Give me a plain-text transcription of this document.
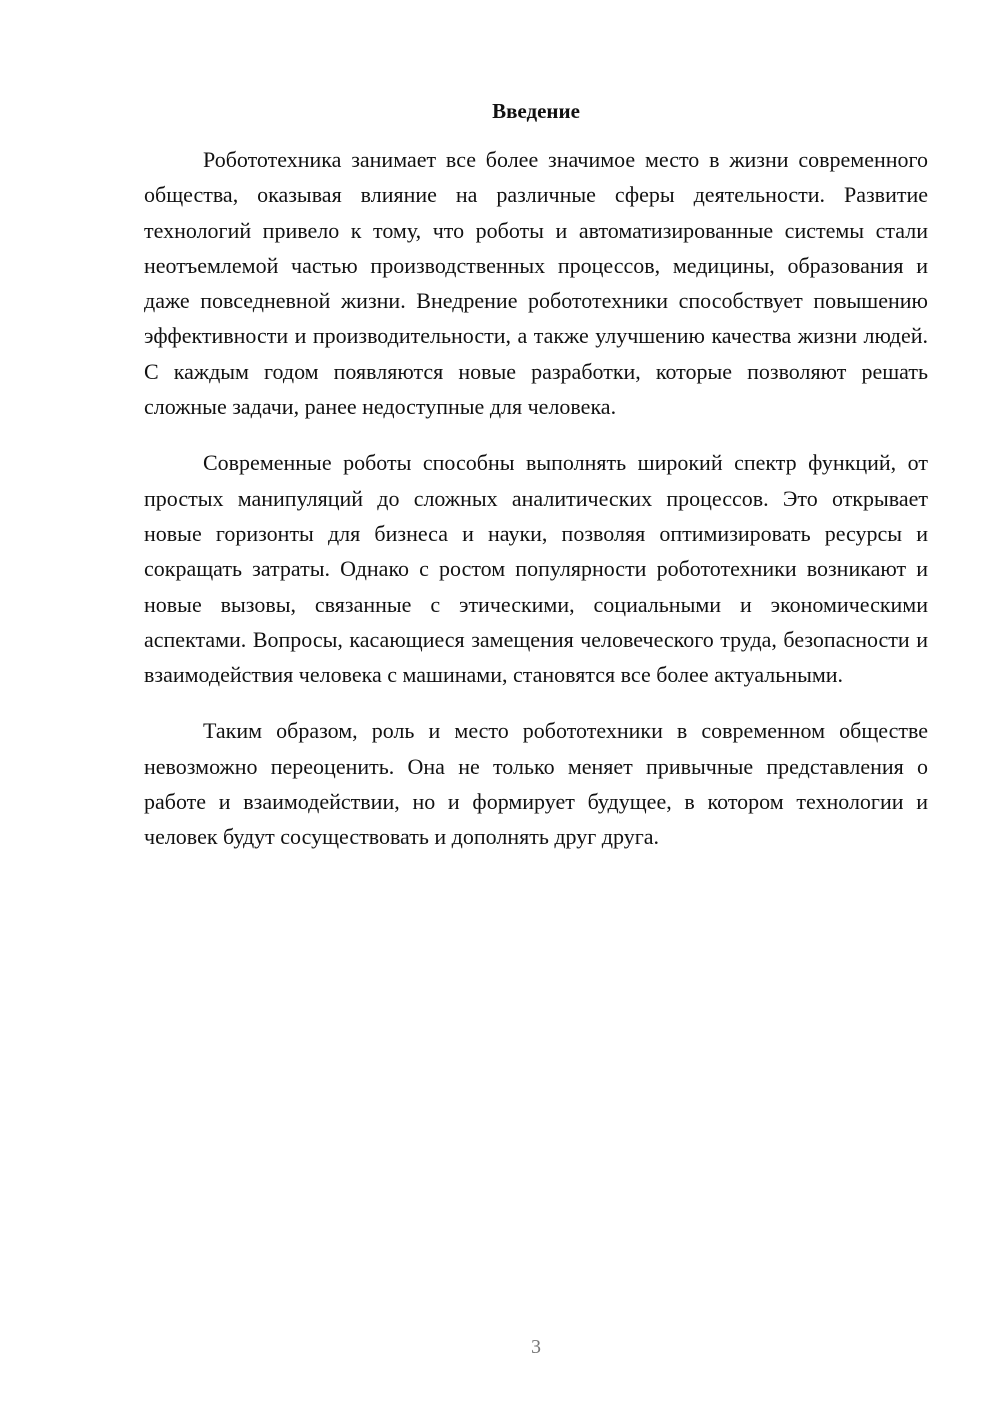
Введение

Робототехника занимает все более значимое место в жизни современного общества, оказывая влияние на различные сферы деятельности. Развитие технологий привело к тому, что роботы и автоматизированные системы стали неотъемлемой частью производственных процессов, медицины, образования и даже повседневной жизни. Внедрение робототехники способствует повышению эффективности и производительности, а также улучшению качества жизни людей. С каждым годом появляются новые разработки, которые позволяют решать сложные задачи, ранее недоступные для человека.

Современные роботы способны выполнять широкий спектр функций, от простых манипуляций до сложных аналитических процессов. Это открывает новые горизонты для бизнеса и науки, позволяя оптимизировать ресурсы и сокращать затраты. Однако с ростом популярности робототехники возникают и новые вызовы, связанные с этическими, социальными и экономическими аспектами. Вопросы, касающиеся замещения человеческого труда, безопасности и взаимодействия человека с машинами, становятся все более актуальными.

Таким образом, роль и место робототехники в современном обществе невозможно переоценить. Она не только меняет привычные представления о работе и взаимодействии, но и формирует будущее, в котором технологии и человек будут сосуществовать и дополнять друг друга.

3
